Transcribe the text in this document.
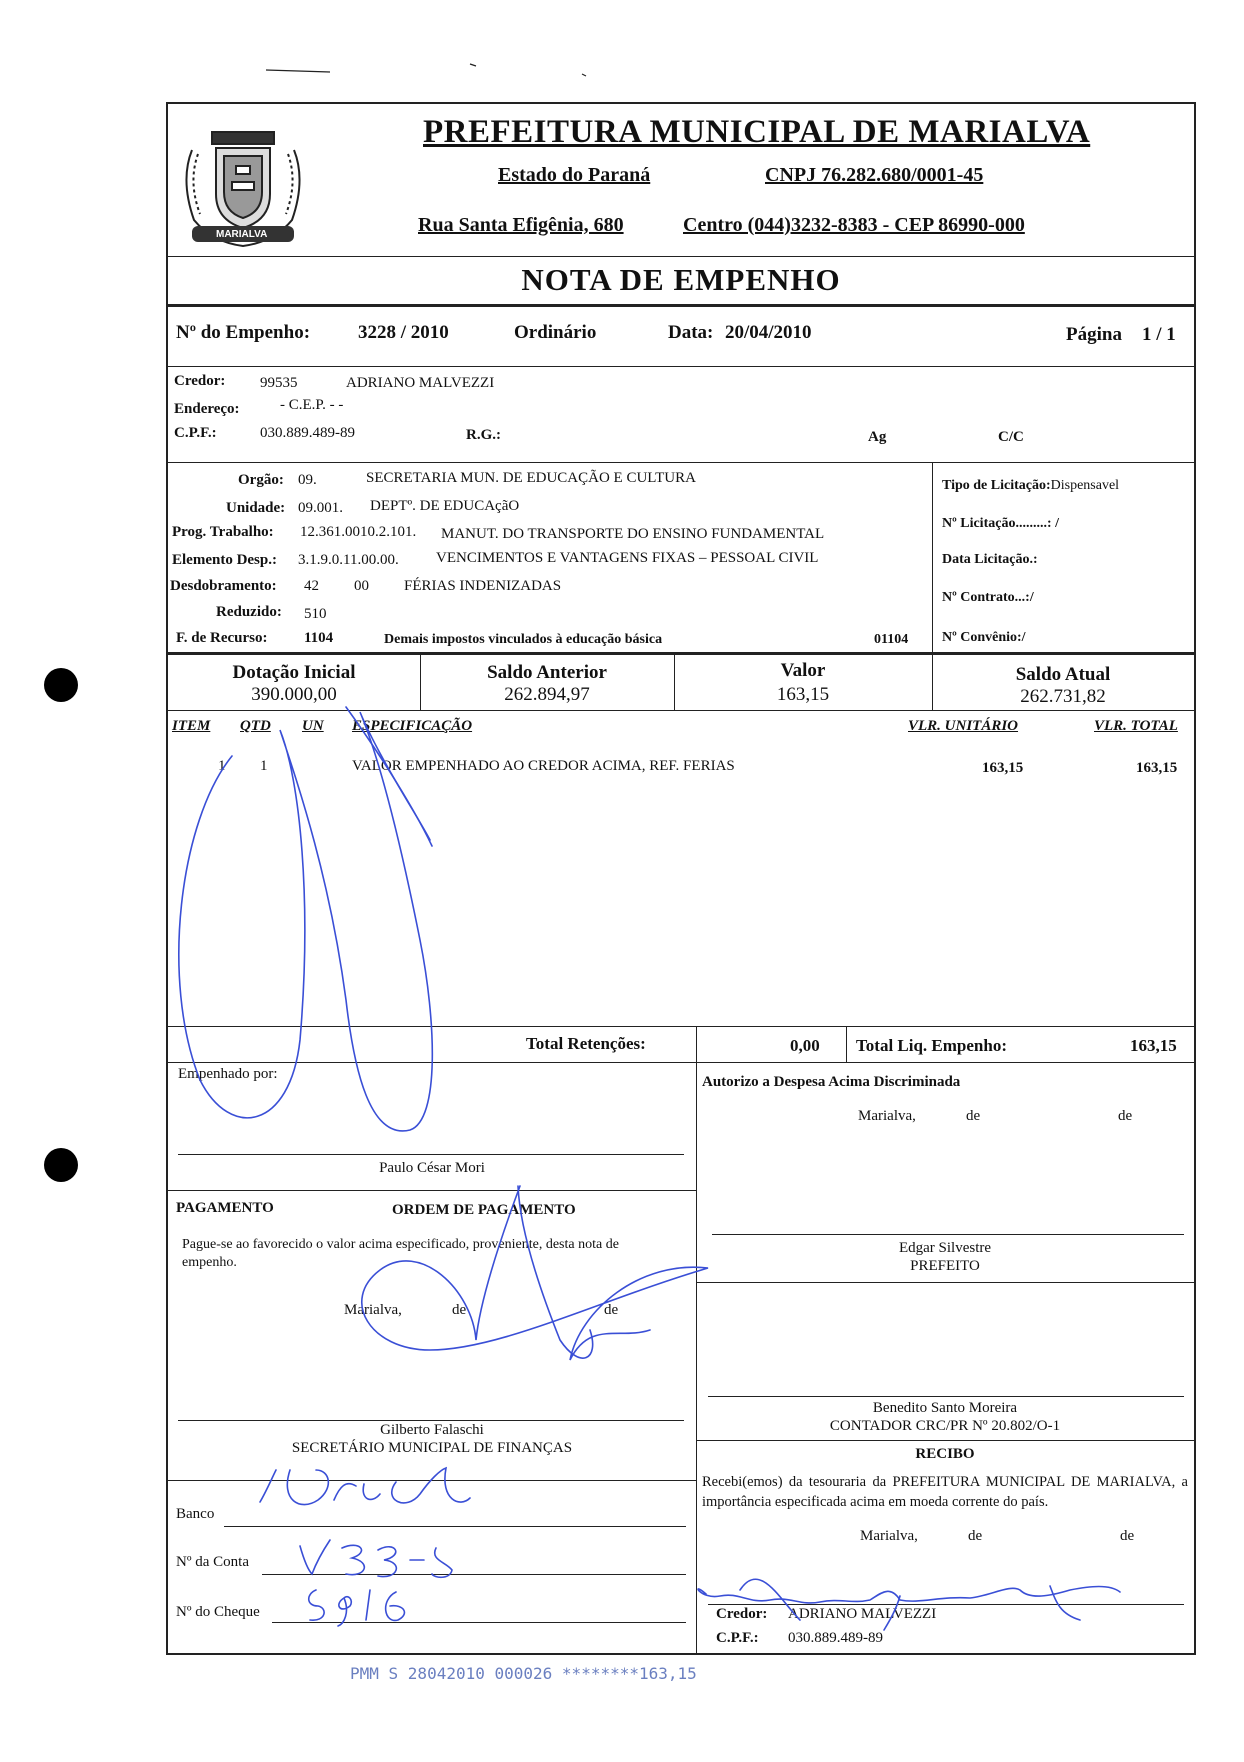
MARIALVA
PREFEITURA MUNICIPAL DE MARIALVA
Estado do Paraná	CNPJ 76.282.680/0001-45
Rua Santa Efigênia, 680	Centro (044)3232-8383 - CEP 86990-000
NOTA DE EMPENHO
Nº do Empenho:	3228 / 2010	Ordinário	Data: 20/04/2010	Página 1 / 1
Credor: 99535	ADRIANO MALVEZZI
Endereço:	- C.E.P. - -
C.P.F.:	030.889.489-89	R.G.:	Ag	C/C
Orgão: 09.	SECRETARIA MUN. DE EDUCAÇÃO E CULTURA
Unidade: 09.001. DEPTº. DE EDUCAçãO
Prog. Trabalho: 12.361.0010.2.101. MANUT. DO TRANSPORTE DO ENSINO FUNDAMENTAL
Elemento Desp.: 3.1.9.0.11.00.00. VENCIMENTOS E VANTAGENS FIXAS – PESSOAL CIVIL
Desdobramento: 42 00 FÉRIAS INDENIZADAS
Reduzido: 510
F. de Recurso: 1104	Demais impostos vinculados à educação básica	01104
Tipo de Licitação:Dispensavel
Nº Licitação.........: /
Data Licitação.:
Nº Contrato...:/
Nº Convênio:/
Dotação Inicial
390.000,00
Saldo Anterior
262.894,97
Valor
163,15
Saldo Atual
262.731,82
ITEM QTD UN ESPECIFICAÇÃO	VLR. UNITÁRIO	VLR. TOTAL
1 1	VALOR EMPENHADO AO CREDOR ACIMA, REF. FERIAS	163,15	163,15
Total Retenções:	0,00 Total Liq. Empenho:	163,15
Empenhado por:
Paulo César Mori
PAGAMENTO	ORDEM DE PAGAMENTO
Pague-se ao favorecido o valor acima especificado, proveniente, desta nota de empenho.
Marialva,	de	de
Gilberto Falaschi
SECRETÁRIO MUNICIPAL DE FINANÇAS
Banco
Nº da Conta
Nº do Cheque
Autorizo a Despesa Acima Discriminada
Marialva,	de	de
Edgar Silvestre
PREFEITO
Benedito Santo Moreira
CONTADOR CRC/PR Nº 20.802/O-1
RECIBO
Recebi(emos) da tesouraria da PREFEITURA MUNICIPAL DE MARIALVA, a importância especificada acima em moeda corrente do país.
Marialva,	de	de
Credor: ADRIANO MALVEZZI
C.P.F.: 030.889.489-89
PMM S 28042010 000026 ********163,15
